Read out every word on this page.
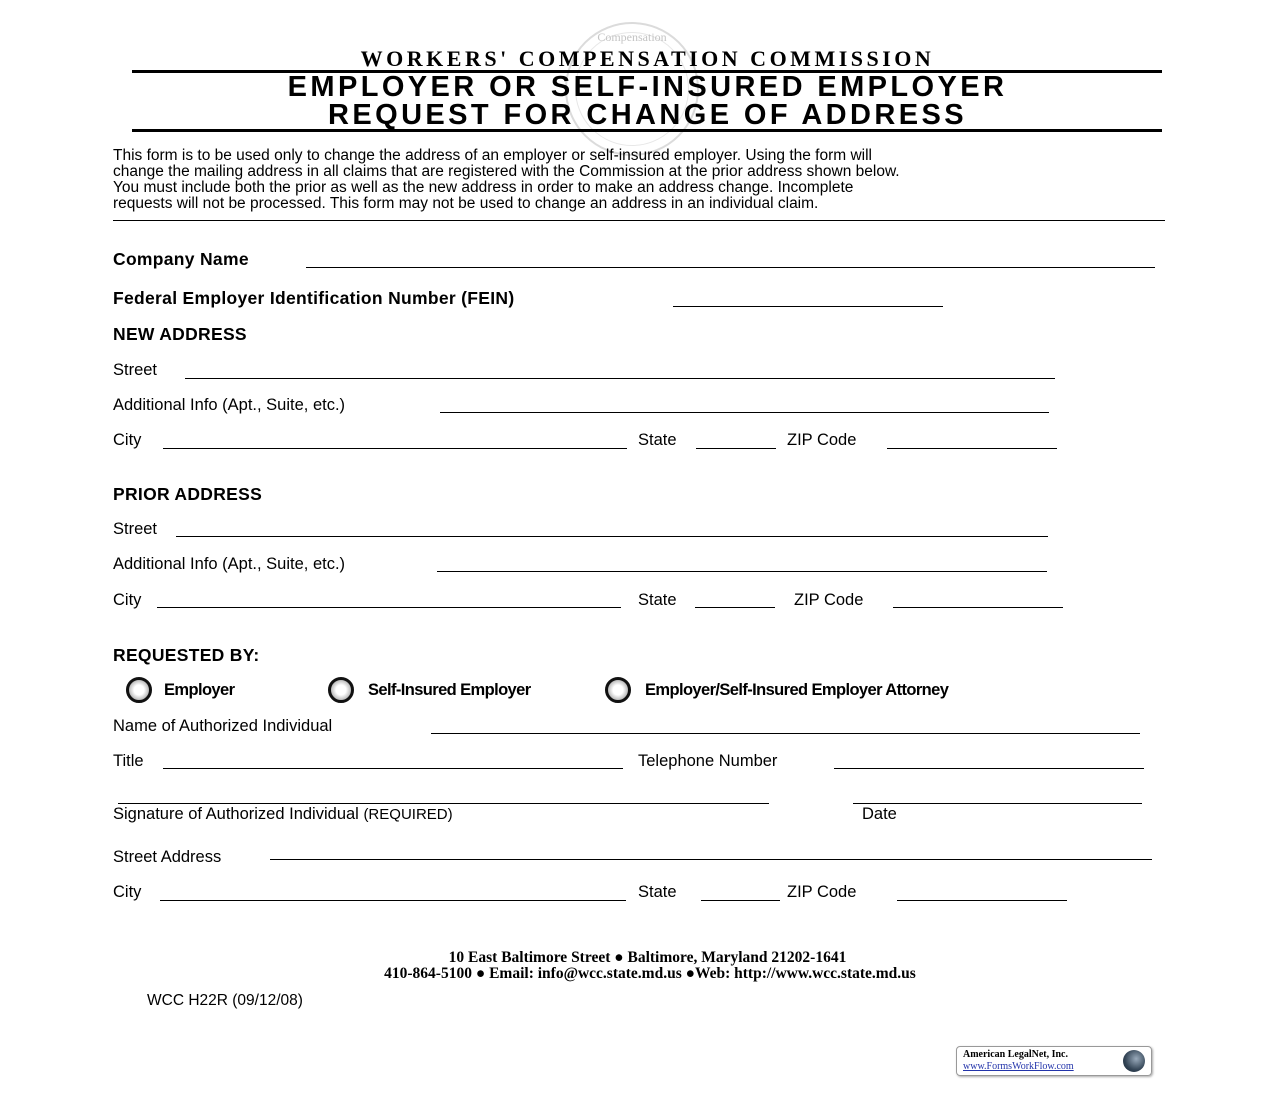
Compensation
WORKERS' COMPENSATION COMMISSION
EMPLOYER OR SELF-INSURED EMPLOYER
REQUEST FOR CHANGE OF ADDRESS
This form is to be used only to change the address of an employer or self-insured employer. Using the form will
change the mailing address in all claims that are registered with the Commission at the prior address shown below.
You must include both the prior as well as the new address in order to make an address change. Incomplete
requests will not be processed. This form may not be used to change an address in an individual claim.
Company Name
Federal Employer Identification Number (FEIN)
NEW ADDRESS
Street
Additional Info (Apt., Suite, etc.)
City	State	ZIP Code
PRIOR ADDRESS
Street
Additional Info (Apt., Suite, etc.)
City	State	ZIP Code
REQUESTED BY:
Employer	Self-Insured Employer	Employer/Self-Insured Employer Attorney
Name of Authorized Individual
Title	Telephone Number
Signature of Authorized Individual (REQUIRED)	Date
Street Address
City	State	ZIP Code
10 East Baltimore Street ● Baltimore, Maryland 21202-1641
410-864-5100 ● Email: info@wcc.state.md.us ●Web: http://www.wcc.state.md.us
WCC H22R (09/12/08)
American LegalNet, Inc.
www.FormsWorkFlow.com
